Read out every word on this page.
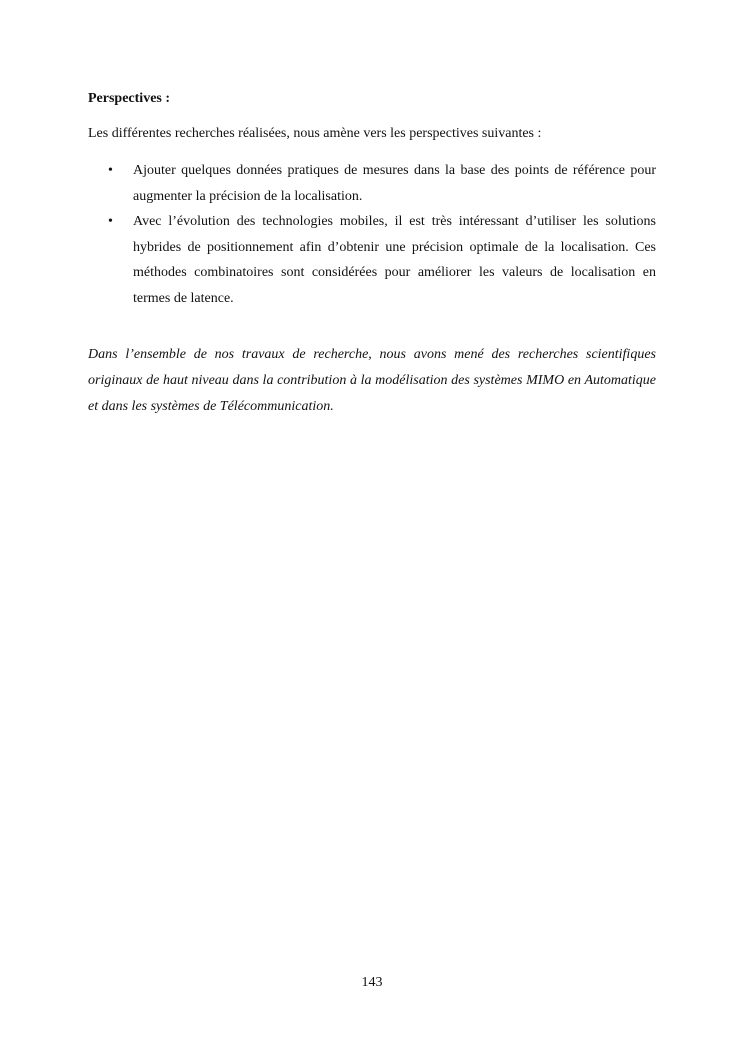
Perspectives :

Les différentes recherches réalisées, nous amène vers les perspectives suivantes :

•	Ajouter quelques données pratiques de mesures dans la base des points de référence pour augmenter la précision de la localisation.
•	Avec l’évolution des technologies mobiles, il est très intéressant d’utiliser les solutions hybrides de positionnement afin d’obtenir une précision optimale de la localisation. Ces méthodes combinatoires sont considérées pour améliorer les valeurs de localisation en termes de latence.

Dans l’ensemble de nos travaux de recherche, nous avons mené des recherches scientifiques originaux de haut niveau dans la contribution à la modélisation des systèmes MIMO en Automatique et dans les systèmes de Télécommunication.

143
